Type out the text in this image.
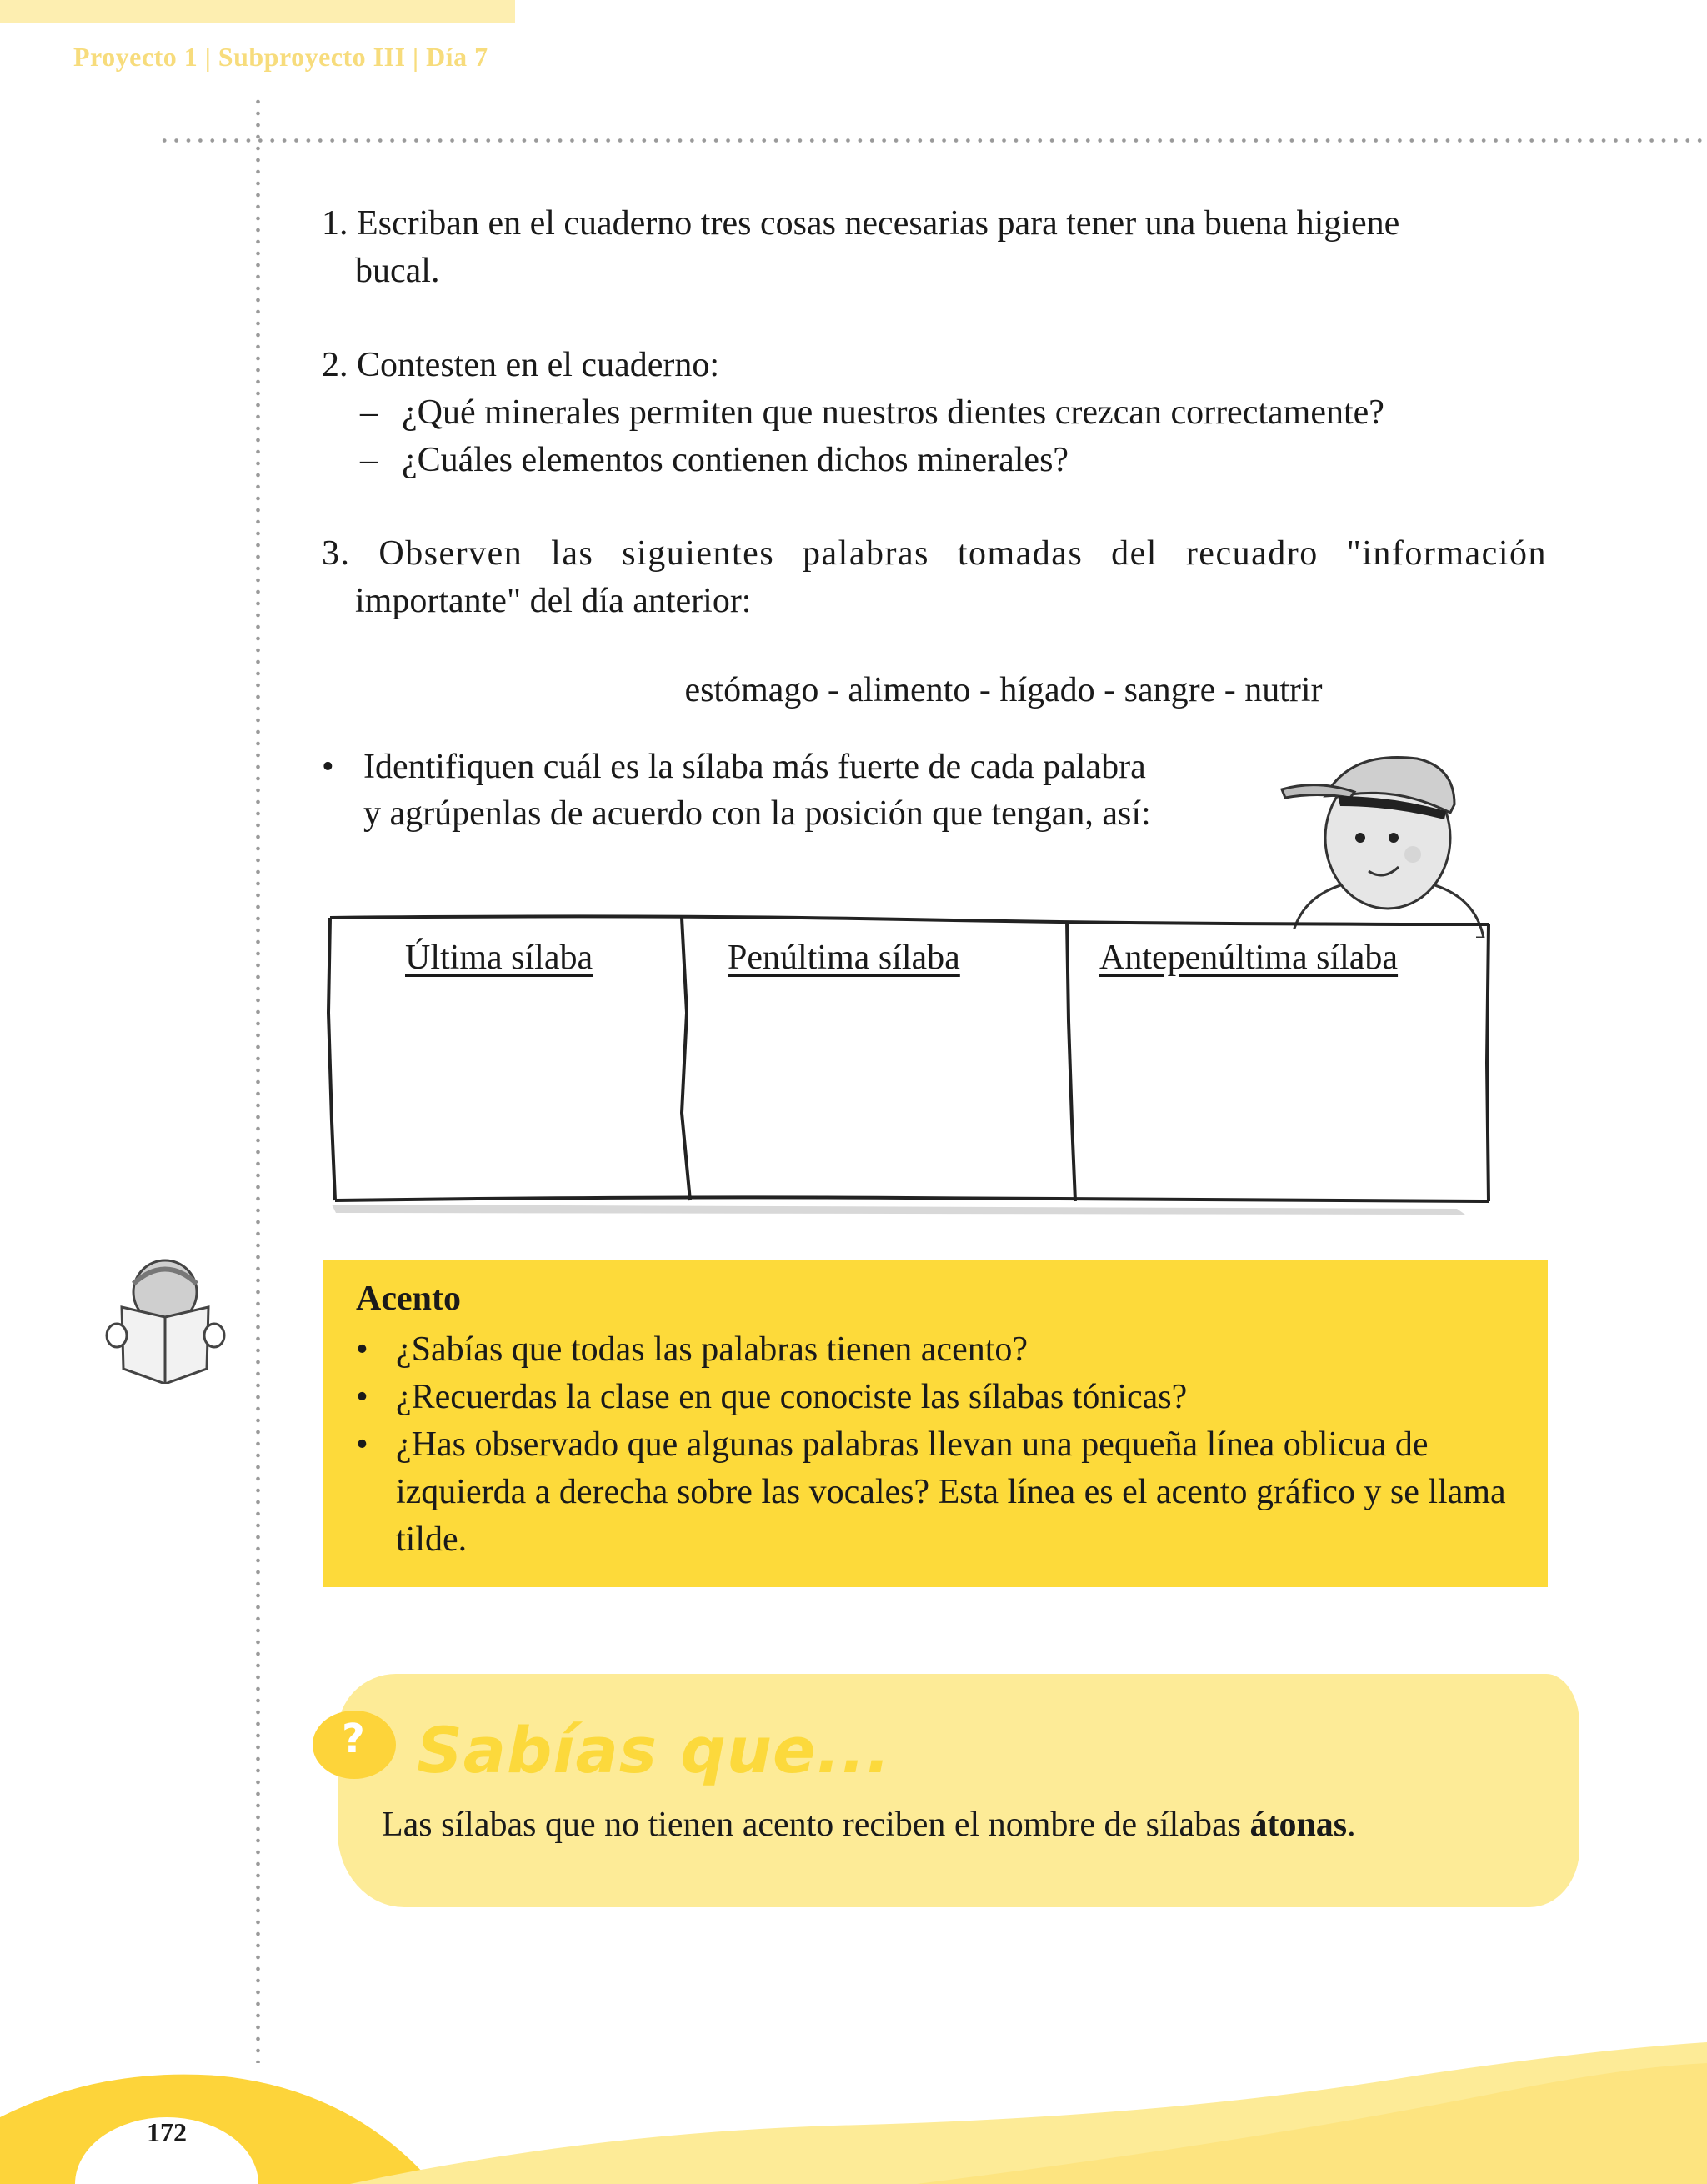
Proyecto 1 | Subproyecto III | Día 7
1. Escriban en el cuaderno tres cosas necesarias para tener una buena higiene
bucal.
2. Contesten en el cuaderno:
– ¿Qué minerales permiten que nuestros dientes crezcan correctamente?
– ¿Cuáles elementos contienen dichos minerales?
3. Observen las siguientes palabras tomadas del recuadro "información
importante" del día anterior:
estómago - alimento - hígado - sangre - nutrir
• Identifiquen cuál es la sílaba más fuerte de cada palabra
y agrúpenlas de acuerdo con la posición que tengan, así:
Última sílaba	Penúltima sílaba	Antepenúltima sílaba
Acento
• ¿Sabías que todas las palabras tienen acento?
• ¿Recuerdas la clase en que conociste las sílabas tónicas?
• ¿Has observado que algunas palabras llevan una pequeña línea oblicua de izquierda a derecha sobre las vocales? Esta línea es el acento gráfico y se llama tilde.
? Sabías que...
Las sílabas que no tienen acento reciben el nombre de sílabas átonas.
172
